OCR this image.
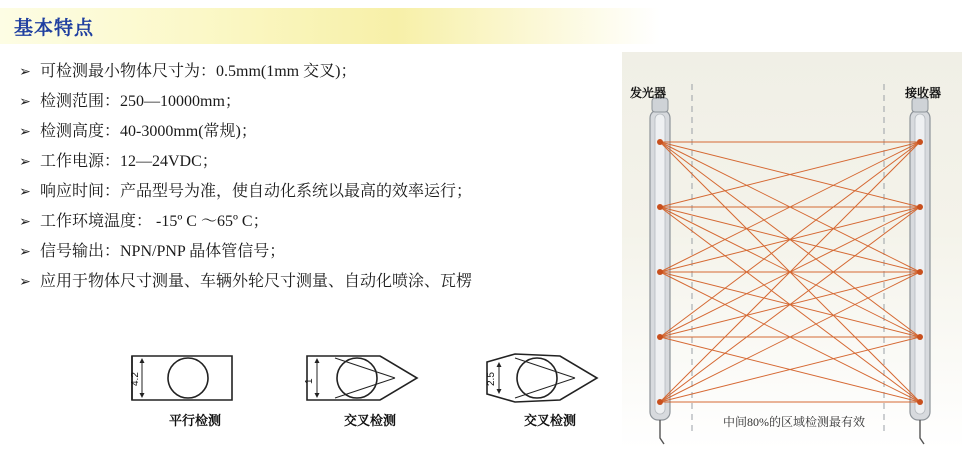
基本特点
➢ 可检测最小物体尺寸为：0.5mm(1mm 交叉)；
➢ 检测范围：250—10000mm；
➢ 检测高度：40-3000mm(常规)；
➢ 工作电源：12—24VDC；
➢ 响应时间：产品型号为准，使自动化系统以最高的效率运行；
➢ 工作环境温度： -15º C ～65º C；
➢ 信号输出：NPN/PNP 晶体管信号；
➢ 应用于物体尺寸测量、车辆外轮尺寸测量、自动化喷涂、瓦楞
4.2
平行检测
1
交叉检测
2.5
交叉检测
发光器	接收器
中间80%的区域检测最有效
